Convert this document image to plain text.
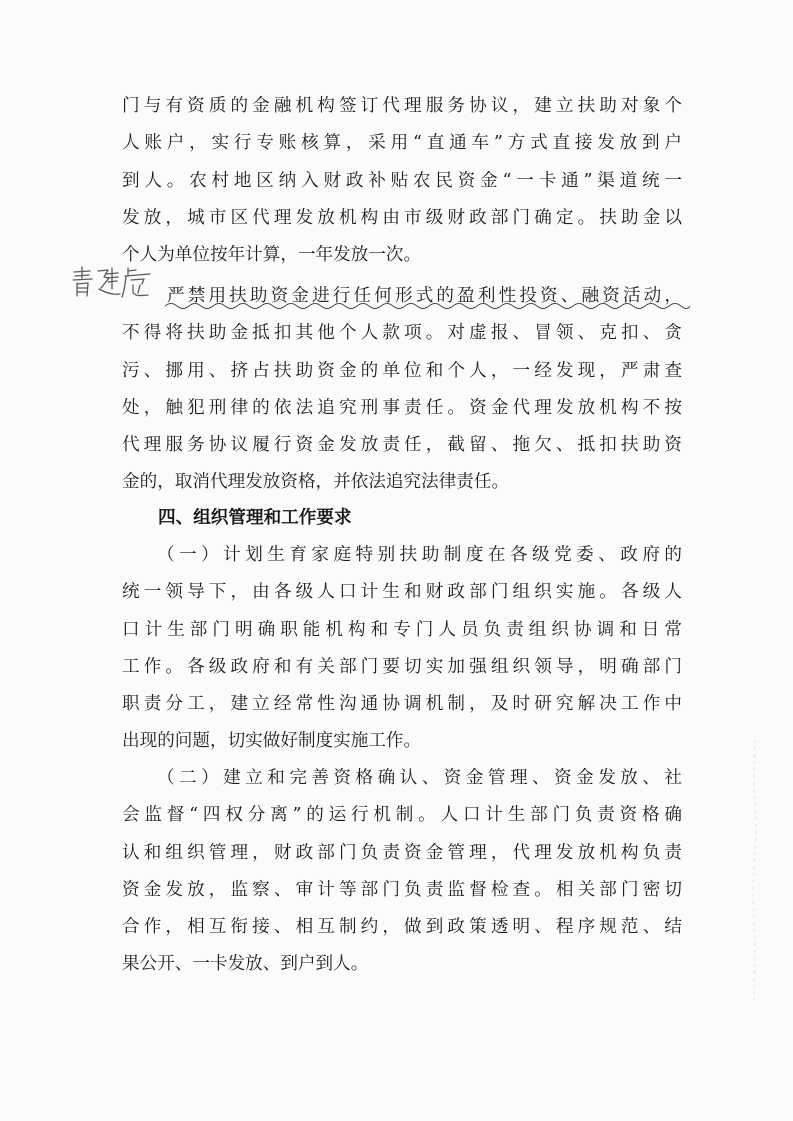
门与有资质的金融机构签订代理服务协议，建立扶助对象个
人账户，实行专账核算，采用“直通车”方式直接发放到户
到人。农村地区纳入财政补贴农民资金“一卡通”渠道统一
发放，城市区代理发放机构由市级财政部门确定。扶助金以
个人为单位按年计算，一年发放一次。
严禁用扶助资金进行任何形式的盈利性投资、融资活动，
不得将扶助金抵扣其他个人款项。对虚报、冒领、克扣、贪
污、挪用、挤占扶助资金的单位和个人，一经发现，严肃查
处，触犯刑律的依法追究刑事责任。资金代理发放机构不按
代理服务协议履行资金发放责任，截留、拖欠、抵扣扶助资
金的，取消代理发放资格，并依法追究法律责任。
四、组织管理和工作要求
（一）计划生育家庭特别扶助制度在各级党委、政府的
统一领导下，由各级人口计生和财政部门组织实施。各级人
口计生部门明确职能机构和专门人员负责组织协调和日常
工作。各级政府和有关部门要切实加强组织领导，明确部门
职责分工，建立经常性沟通协调机制，及时研究解决工作中
出现的问题，切实做好制度实施工作。
（二）建立和完善资格确认、资金管理、资金发放、社
会监督“四权分离”的运行机制。人口计生部门负责资格确
认和组织管理，财政部门负责资金管理，代理发放机构负责
资金发放，监察、审计等部门负责监督检查。相关部门密切
合作，相互衔接、相互制约，做到政策透明、程序规范、结
果公开、一卡发放、到户到人。
